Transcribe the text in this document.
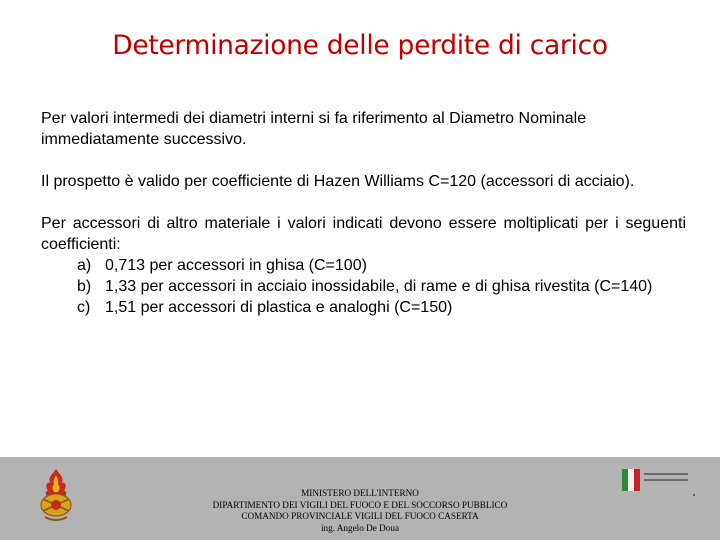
Determinazione delle perdite di carico

Per valori intermedi dei diametri interni si fa riferimento al Diametro Nominale immediatamente successivo.

Il prospetto è valido per coefficiente di Hazen Williams C=120 (accessori di acciaio).

Per accessori di altro materiale i valori indicati devono essere moltiplicati per i seguenti coefficienti:

a) 0,713 per accessori in ghisa (C=100)
b) 1,33 per accessori in acciaio inossidabile, di rame e di ghisa rivestita (C=140)
c) 1,51 per accessori di plastica e analoghi (C=150)
MINISTERO DELL'INTERNO
DIPARTIMENTO DEI VIGILI DEL FUOCO E DEL SOCCORSO PUBBLICO
COMANDO PROVINCIALE VIGILI DEL FUOCO CASERTA
ing. Angelo De Doua
